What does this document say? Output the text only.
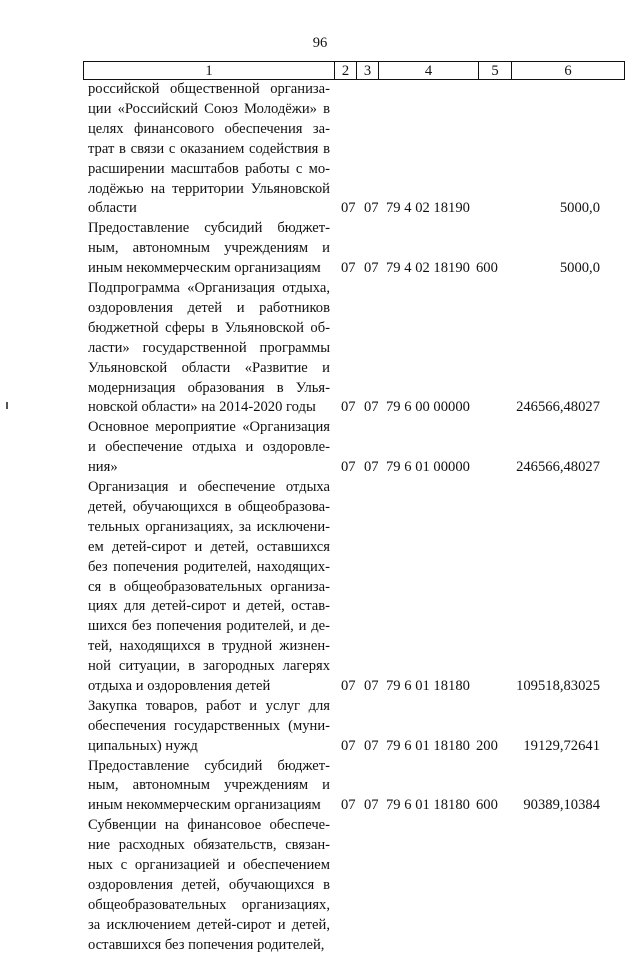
96
1	2	3	4	5	6
российской общественной организа-
ции «Российский Союз Молодёжи» в
целях финансового обеспечения за-
трат в связи с оказанием содействия в
расширении масштабов работы с мо-
лодёжью на территории Ульяновской
области	07 07 79 4 02 18190	5000,0
Предоставление субсидий бюджет-
ным, автономным учреждениям и
иным некоммерческим организациям	07 07 79 4 02 18190 600	5000,0
Подпрограмма «Организация отдыха,
оздоровления детей и работников
бюджетной сферы в Ульяновской об-
ласти» государственной программы
Ульяновской области «Развитие и
модернизация образования в Улья-
новской области» на 2014-2020 годы	07 07 79 6 00 00000	246566,48027
Основное мероприятие «Организация
и обеспечение отдыха и оздоровле-
ния»	07 07 79 6 01 00000	246566,48027
Организация и обеспечение отдыха
детей, обучающихся в общеобразова-
тельных организациях, за исключени-
ем детей-сирот и детей, оставшихся
без попечения родителей, находящих-
ся в общеобразовательных организа-
циях для детей-сирот и детей, остав-
шихся без попечения родителей, и де-
тей, находящихся в трудной жизнен-
ной ситуации, в загородных лагерях
отдыха и оздоровления детей	07 07 79 6 01 18180	109518,83025
Закупка товаров, работ и услуг для
обеспечения государственных (муни-
ципальных) нужд	07 07 79 6 01 18180 200 19129,72641
Предоставление субсидий бюджет-
ным, автономным учреждениям и
иным некоммерческим организациям	07 07 79 6 01 18180 600 90389,10384
Субвенции на финансовое обеспече-
ние расходных обязательств, связан-
ных с организацией и обеспечением
оздоровления детей, обучающихся в
общеобразовательных организациях,
за исключением детей-сирот и детей,
оставшихся без попечения родителей,
